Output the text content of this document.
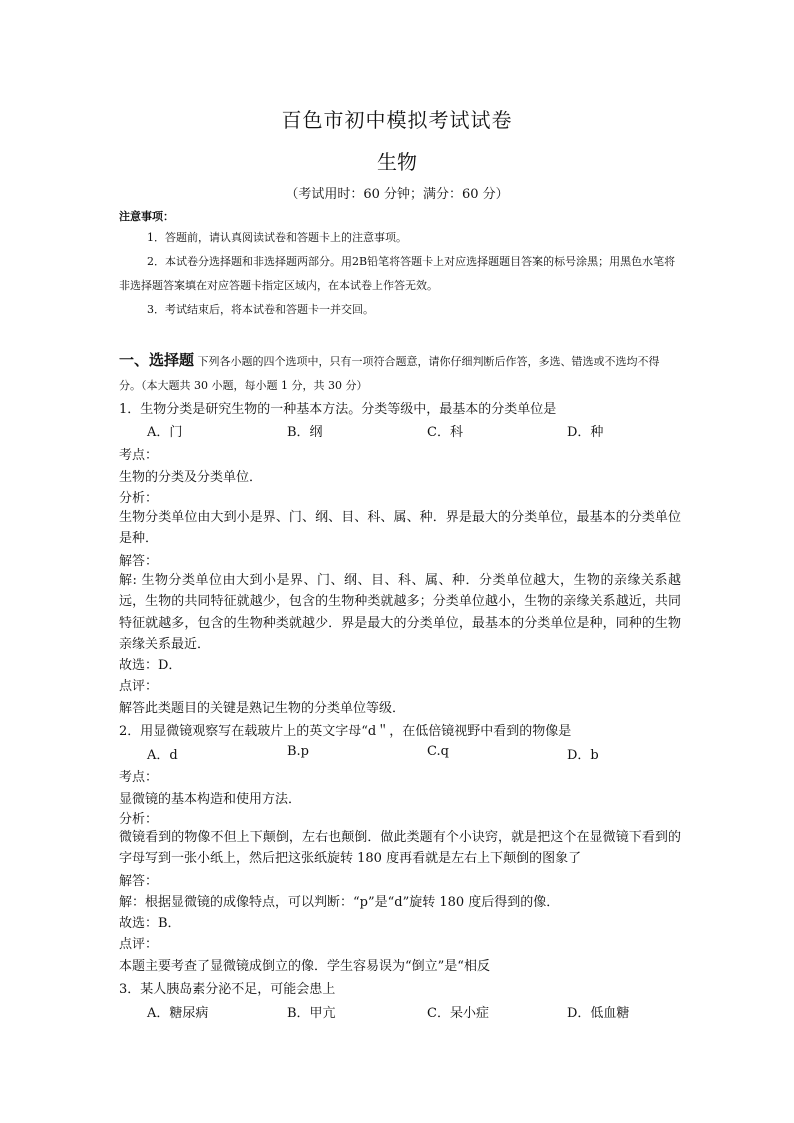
百色市初中模拟考试试卷
生物
（考试用时：60 分钟；满分：60 分）
注意事项：
1．答题前，请认真阅读试卷和答题卡上的注意事项。
2．本试卷分选择题和非选择题两部分。用2B铅笔将答题卡上对应选择题题目答案的标号涂黑；用黑色水笔将非选择题答案填在对应答题卡指定区域内，在本试卷上作答无效。
3．考试结束后，将本试卷和答题卡一并交回。
一、选择题 下列各小题的四个选项中，只有一项符合题意，请你仔细判断后作答，多选、错选或不选均不得分。（本大题共 30 小题，每小题 1 分，共 30 分）
1．生物分类是研究生物的一种基本方法。分类等级中，最基本的分类单位是
A．门	B．纲	C．科	D．种
考点：
生物的分类及分类单位．
分析：
生物分类单位由大到小是界、门、纲、目、科、属、种．界是最大的分类单位，最基本的分类单位是种．
解答：
解: 生物分类单位由大到小是界、门、纲、目、科、属、种．分类单位越大，生物的亲缘关系越远，生物的共同特征就越少，包含的生物种类就越多；分类单位越小，生物的亲缘关系越近，共同特征就越多，包含的生物种类就越少．界是最大的分类单位，最基本的分类单位是种，同种的生物亲缘关系最近．
故选：D．
点评：
解答此类题目的关键是熟记生物的分类单位等级．
2．用显微镜观察写在载玻片上的英文字母“d＂，在低倍镜视野中看到的物像是
A．d	B.p	C.q	D．b
考点：
显微镜的基本构造和使用方法．
分析：
微镜看到的物像不但上下颠倒，左右也颠倒．做此类题有个小诀窍，就是把这个在显微镜下看到的字母写到一张小纸上，然后把这张纸旋转 180 度再看就是左右上下颠倒的图象了
解答：
解：根据显微镜的成像特点，可以判断：“p”是“d”旋转 180 度后得到的像．
故选：B．
点评：
本题主要考查了显微镜成倒立的像．学生容易误为“倒立”是“相反
3．某人胰岛素分泌不足，可能会患上
A．糖尿病	B．甲亢	C．呆小症	D．低血糖
